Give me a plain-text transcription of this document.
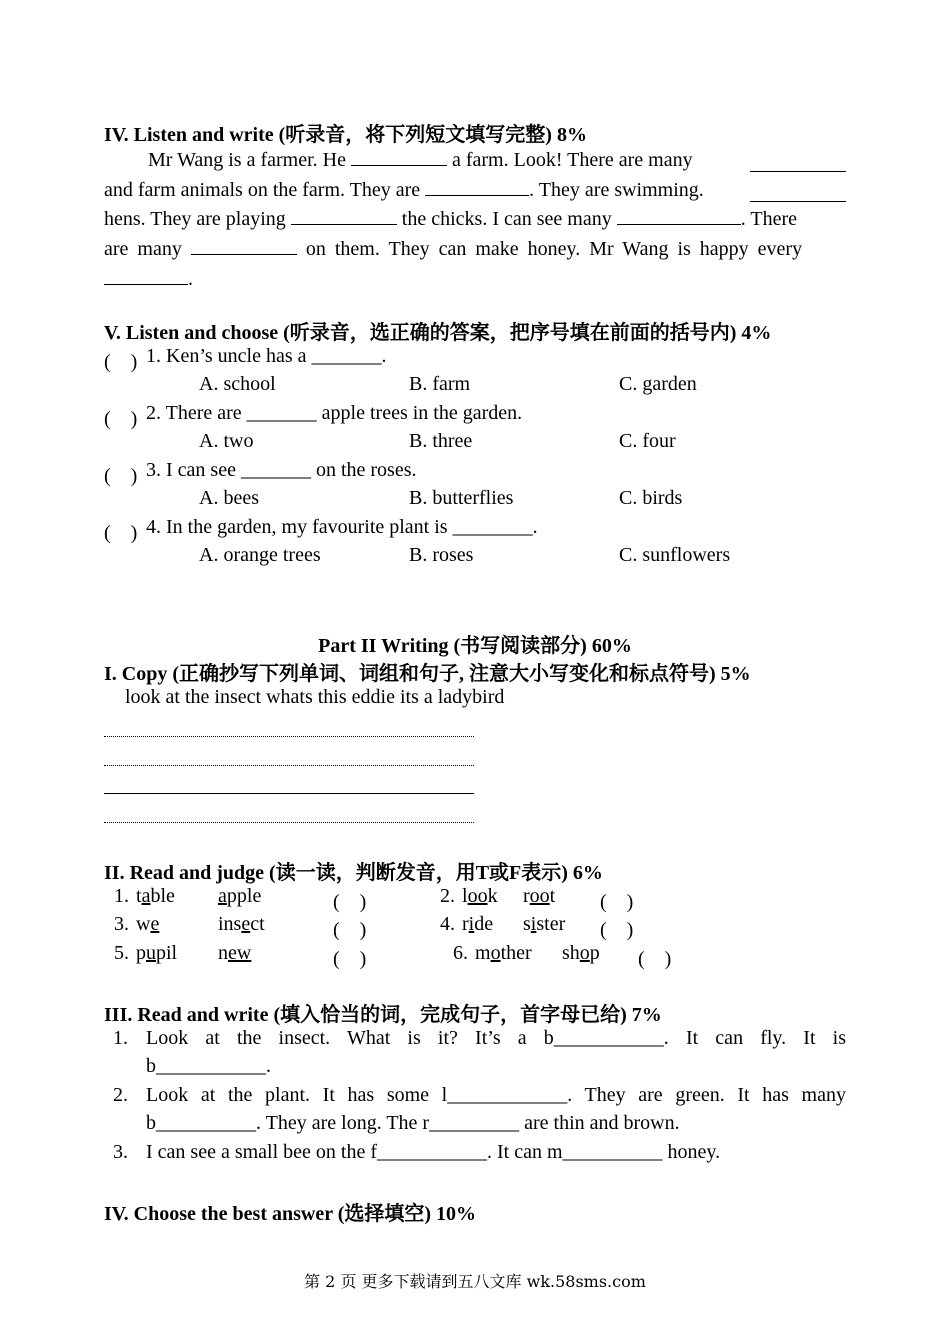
IV. Listen and write (听录音，将下列短文填写完整) 8%
Mr Wang is a farmer. He	a farm. Look! There are many
and farm animals on the farm. They are	. They are swimming.
hens. They are playing	the chicks. I can see many	. There
are many	on them. They can make honey. Mr Wang is happy every
.
V. Listen and choose (听录音，选正确的答案，把序号填在前面的括号内) 4%
(　) 1. Ken’s uncle has a _______.
A. school	B. farm	C. garden
(　) 2. There are _______ apple trees in the garden.
A. two	B. three	C. four
(　) 3. I can see _______ on the roses.
A. bees	B. butterflies	C. birds
(　) 4. In the garden, my favourite plant is ________.
A. orange trees	B. roses	C. sunflowers
Part II Writing (书写阅读部分) 60%
I. Copy (正确抄写下列单词、词组和句子, 注意大小写变化和标点符号) 5%
look at the insect whats this eddie its a ladybird
II. Read and judge (读一读，判断发音，用T或F表示) 6%
1. table apple	(　)	2. look root (　)
3. we	insect	(　)	4. ride sister (　)
5. pupil new	(　)	6. mother shop (　)
III. Read and write (填入恰当的词，完成句子，首字母已给) 7%
1. Look at the insect. What is it? It’s a b___________. It can fly. It is
b___________.
2. Look at the plant. It has some l____________. They are green. It has many
b__________. They are long. The r_________ are thin and brown.
3. I can see a small bee on the f___________. It can m__________ honey.
IV. Choose the best answer (选择填空) 10%
第 2 页 更多下载请到五八文库 wk.58sms.com
